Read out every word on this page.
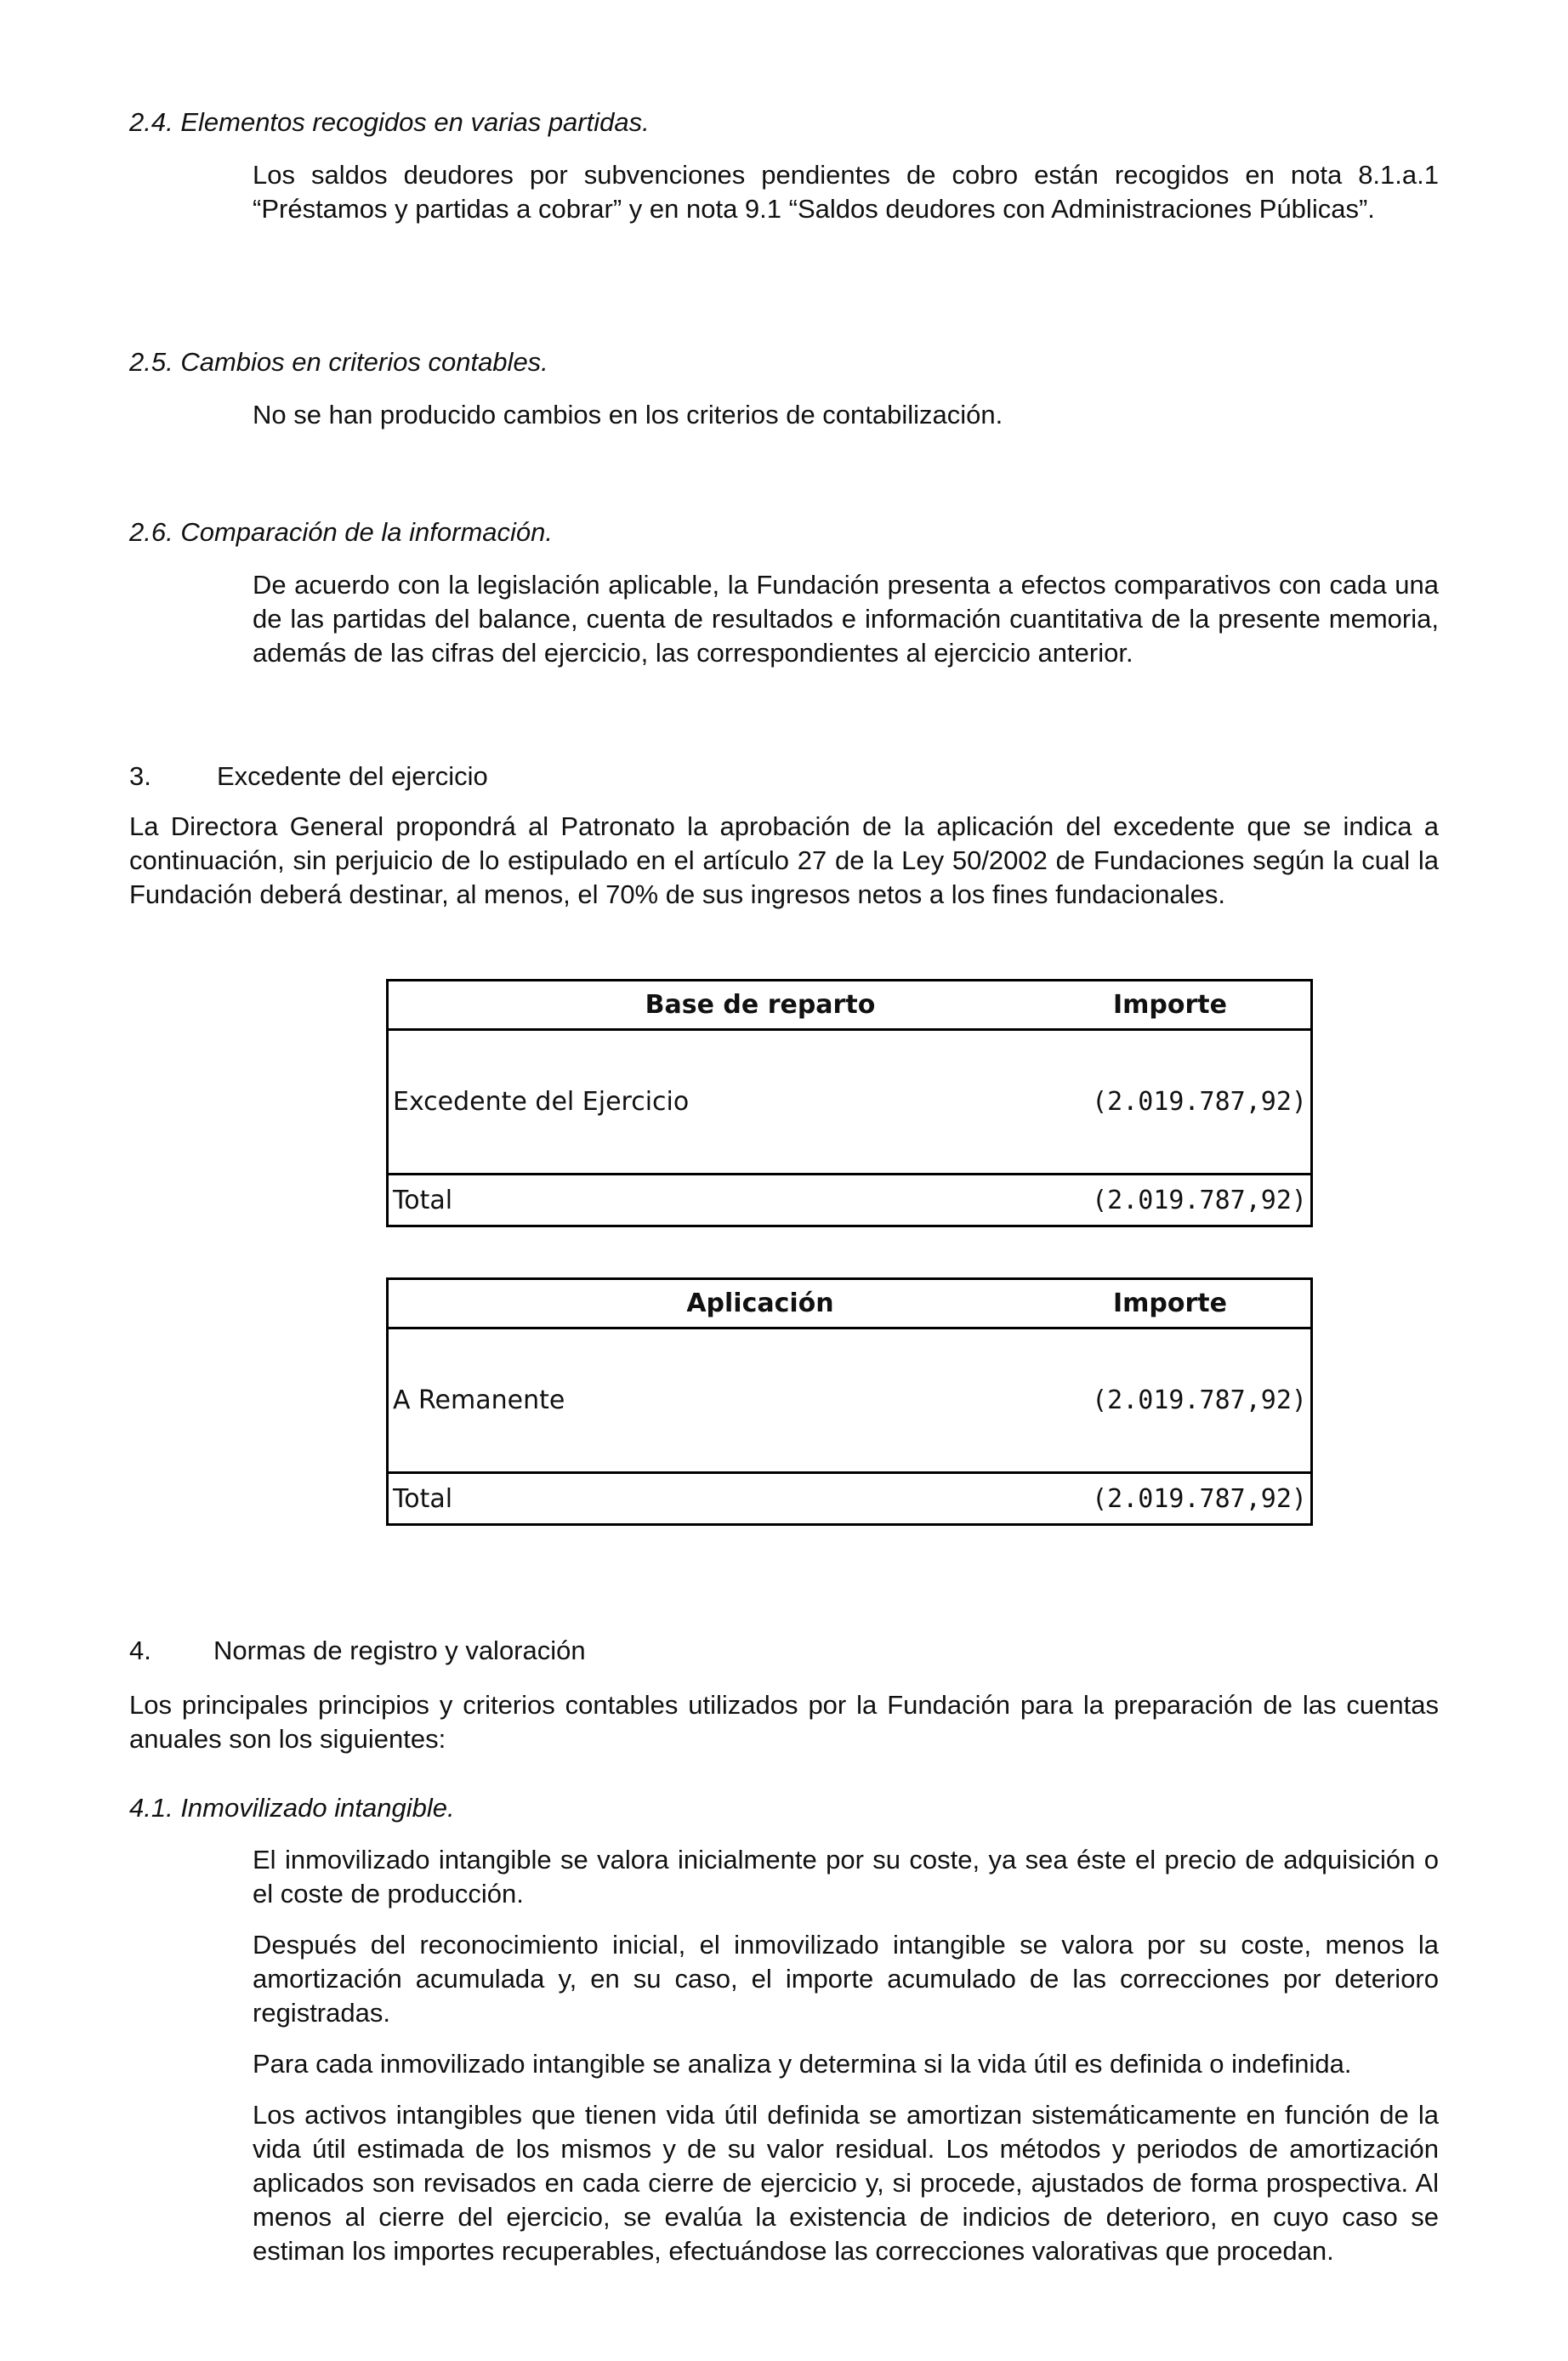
2.4. Elementos recogidos en varias partidas.

Los saldos deudores por subvenciones pendientes de cobro están recogidos en nota 8.1.a.1 “Préstamos y partidas a cobrar” y en nota 9.1 “Saldos deudores con Administraciones Públicas”.

2.5. Cambios en criterios contables.

No se han producido cambios en los criterios de contabilización.

2.6. Comparación de la información.

De acuerdo con la legislación aplicable, la Fundación presenta a efectos comparativos con cada una de las partidas del balance, cuenta de resultados e información cuantitativa de la presente memoria, además de las cifras del ejercicio, las correspondientes al ejercicio anterior.

3. Excedente del ejercicio

La Directora General propondrá al Patronato la aprobación de la aplicación del excedente que se indica a continuación, sin perjuicio de lo estipulado en el artículo 27 de la Ley 50/2002 de Fundaciones según la cual la Fundación deberá destinar, al menos, el 70% de sus ingresos netos a los fines fundacionales.

Base de reparto	Importe
Excedente del Ejercicio	(2.019.787,92)
Total	(2.019.787,92)
Aplicación	Importe
A Remanente	(2.019.787,92)
Total	(2.019.787,92)
4. Normas de registro y valoración

Los principales principios y criterios contables utilizados por la Fundación para la preparación de las cuentas anuales son los siguientes:

4.1. Inmovilizado intangible.

El inmovilizado intangible se valora inicialmente por su coste, ya sea éste el precio de adquisición o el coste de producción.

Después del reconocimiento inicial, el inmovilizado intangible se valora por su coste, menos la amortización acumulada y, en su caso, el importe acumulado de las correcciones por deterioro registradas.

Para cada inmovilizado intangible se analiza y determina si la vida útil es definida o indefinida.

Los activos intangibles que tienen vida útil definida se amortizan sistemáticamente en función de la vida útil estimada de los mismos y de su valor residual. Los métodos y periodos de amortización aplicados son revisados en cada cierre de ejercicio y, si procede, ajustados de forma prospectiva. Al menos al cierre del ejercicio, se evalúa la existencia de indicios de deterioro, en cuyo caso se estiman los importes recuperables, efectuándose las correcciones valorativas que procedan.
